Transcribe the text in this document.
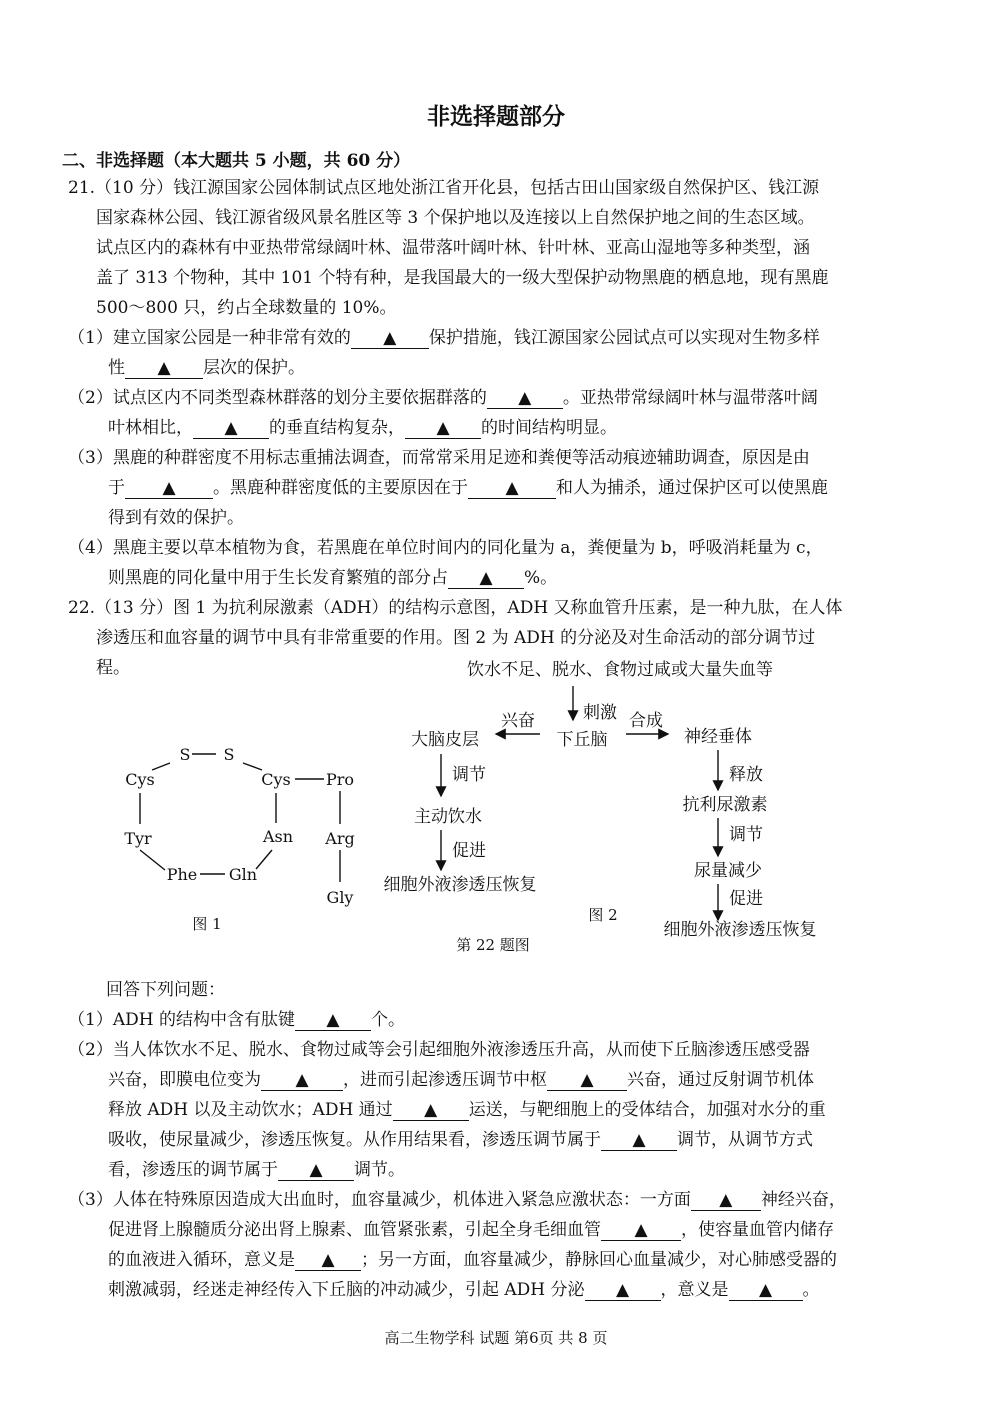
非选择题部分
二、非选择题（本大题共 5 小题，共 60 分）
21.（10 分）钱江源国家公园体制试点区地处浙江省开化县，包括古田山国家级自然保护区、钱江源
国家森林公园、钱江源省级风景名胜区等 3 个保护地以及连接以上自然保护地之间的生态区域。
试点区内的森林有中亚热带常绿阔叶林、温带落叶阔叶林、针叶林、亚高山湿地等多种类型，涵
盖了 313 个物种，其中 101 个特有种，是我国最大的一级大型保护动物黑鹿的栖息地，现有黑鹿
500～800 只，约占全球数量的 10%。
（1）建立国家公园是一种非常有效的 ▲ 保护措施，钱江源国家公园试点可以实现对生物多样
性 ▲ 层次的保护。
（2）试点区内不同类型森林群落的划分主要依据群落的 ▲ 。亚热带常绿阔叶林与温带落叶阔
叶林相比， ▲ 的垂直结构复杂， ▲ 的时间结构明显。
（3）黑鹿的种群密度不用标志重捕法调查，而常常采用足迹和粪便等活动痕迹辅助调查，原因是由
于 ▲ 。黑鹿种群密度低的主要原因在于 ▲ 和人为捕杀，通过保护区可以使黑鹿
得到有效的保护。
（4）黑鹿主要以草本植物为食，若黑鹿在单位时间内的同化量为 a，粪便量为 b，呼吸消耗量为 c，
则黑鹿的同化量中用于生长发育繁殖的部分占 ▲ %。
22.（13 分）图 1 为抗利尿激素（ADH）的结构示意图，ADH 又称血管升压素，是一种九肽，在人体
渗透压和血容量的调节中具有非常重要的作用。图 2 为 ADH 的分泌及对生命活动的部分调节过
程。
S S
Cys	Cys Pro
Tyr	Asn Arg
Phe Gln
Gly
图 1
饮水不足、脱水、食物过咸或大量失血等
刺激
下丘脑
兴奋
大脑皮层
合成
神经垂体
调节
主动饮水
促进
细胞外液渗透压恢复
释放
抗利尿激素
调节
尿量减少
促进
细胞外液渗透压恢复
图 2
第 22 题图
回答下列问题：
（1）ADH 的结构中含有肽键 ▲ 个。
（2）当人体饮水不足、脱水、食物过咸等会引起细胞外液渗透压升高，从而使下丘脑渗透压感受器
兴奋，即膜电位变为 ▲ ，进而引起渗透压调节中枢 ▲ 兴奋，通过反射调节机体
释放 ADH 以及主动饮水；ADH 通过 ▲ 运送，与靶细胞上的受体结合，加强对水分的重
吸收，使尿量减少，渗透压恢复。从作用结果看，渗透压调节属于 ▲ 调节，从调节方式
看，渗透压的调节属于 ▲ 调节。
（3）人体在特殊原因造成大出血时，血容量减少，机体进入紧急应激状态：一方面 ▲ 神经兴奋，
促进肾上腺髓质分泌出肾上腺素、血管紧张素，引起全身毛细血管 ▲ ，使容量血管内储存
的血液进入循环，意义是 ▲ ；另一方面，血容量减少，静脉回心血量减少，对心肺感受器的
刺激减弱，经迷走神经传入下丘脑的冲动减少，引起 ADH 分泌 ▲ ，意义是 ▲ 。
高二生物学科 试题 第6页 共 8 页
